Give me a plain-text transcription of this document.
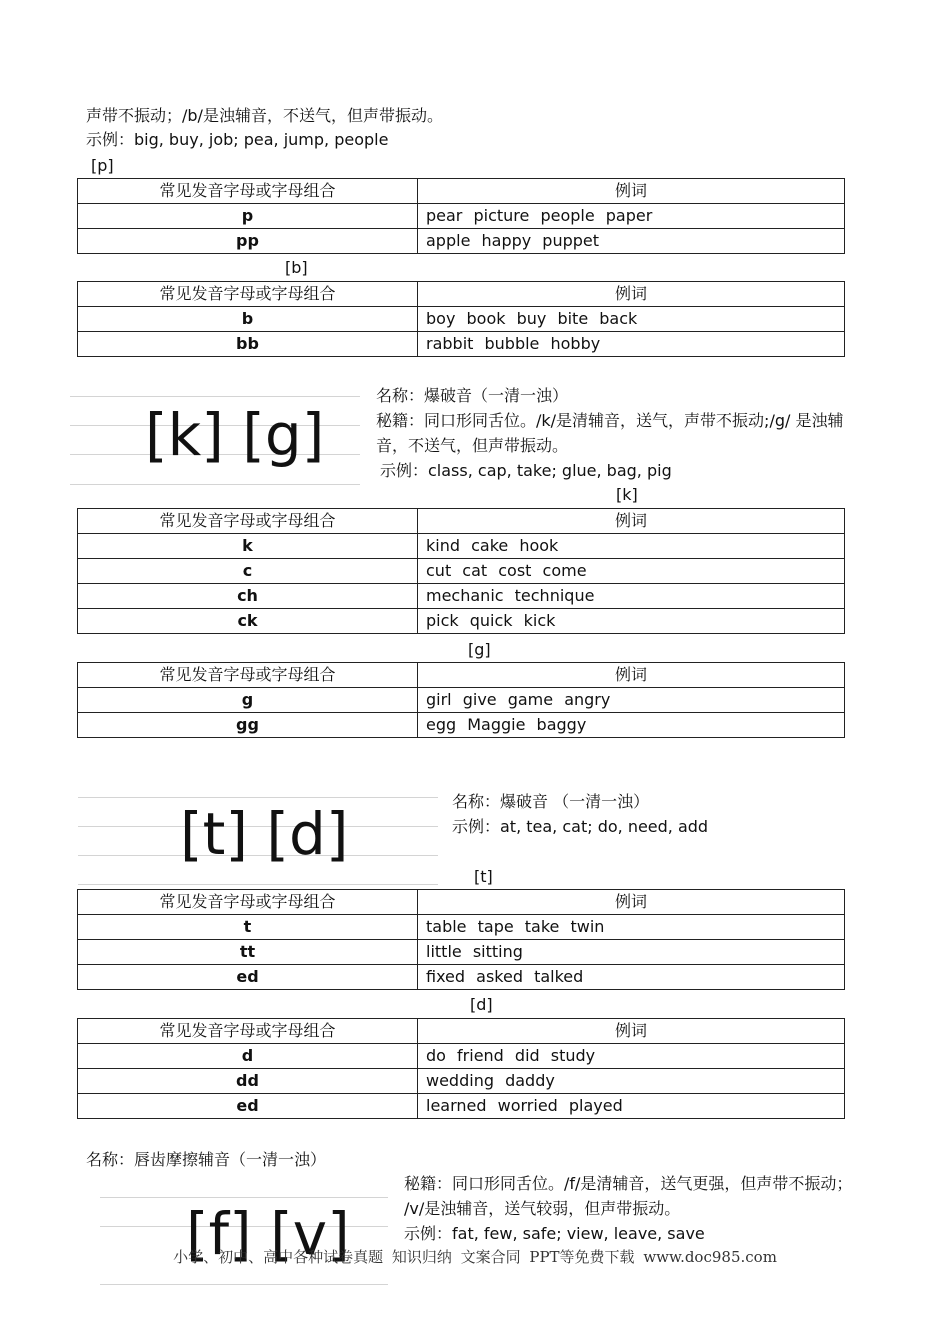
声带不振动；/b/是浊辅音，不送气，但声带振动。
示例：big, buy, job; pea, jump, people
[p]
常见发音字母或字母组合	例词
p	pear picture people paper
pp	apple happy puppet
[b]
常见发音字母或字母组合	例词
b	boy book buy bite back
bb	rabbit bubble hobby
[k] [g]
名称：爆破音（一清一浊）
秘籍：同口形同舌位。/k/是清辅音，送气，声带不振动;/g/ 是浊辅
音，不送气，但声带振动。
示例：class, cap, take; glue, bag, pig
[k]
常见发音字母或字母组合	例词
k	kind cake hook
c	cut cat cost come
ch	mechanic technique
ck	pick quick kick
[g]
常见发音字母或字母组合	例词
g	girl give game angry
gg	egg Maggie baggy
[t] [d]	名称：爆破音 （一清一浊）
示例：at, tea, cat; do, need, add
[t]
常见发音字母或字母组合	例词
t	table tape take twin
tt	little sitting
ed	fixed asked talked
[d]
常见发音字母或字母组合	例词
d	do friend did study
dd	wedding daddy
ed	learned worried played
名称：唇齿摩擦辅音（一清一浊）
[f] [v]
秘籍：同口形同舌位。/f/是清辅音，送气更强，但声带不振动；
/v/是浊辅音，送气较弱，但声带振动。
示例：fat, few, safe; view, leave, save
小学、初中、高中各种试卷真题 知识归纳 文案合同 PPT等免费下载 www.doc985.com
